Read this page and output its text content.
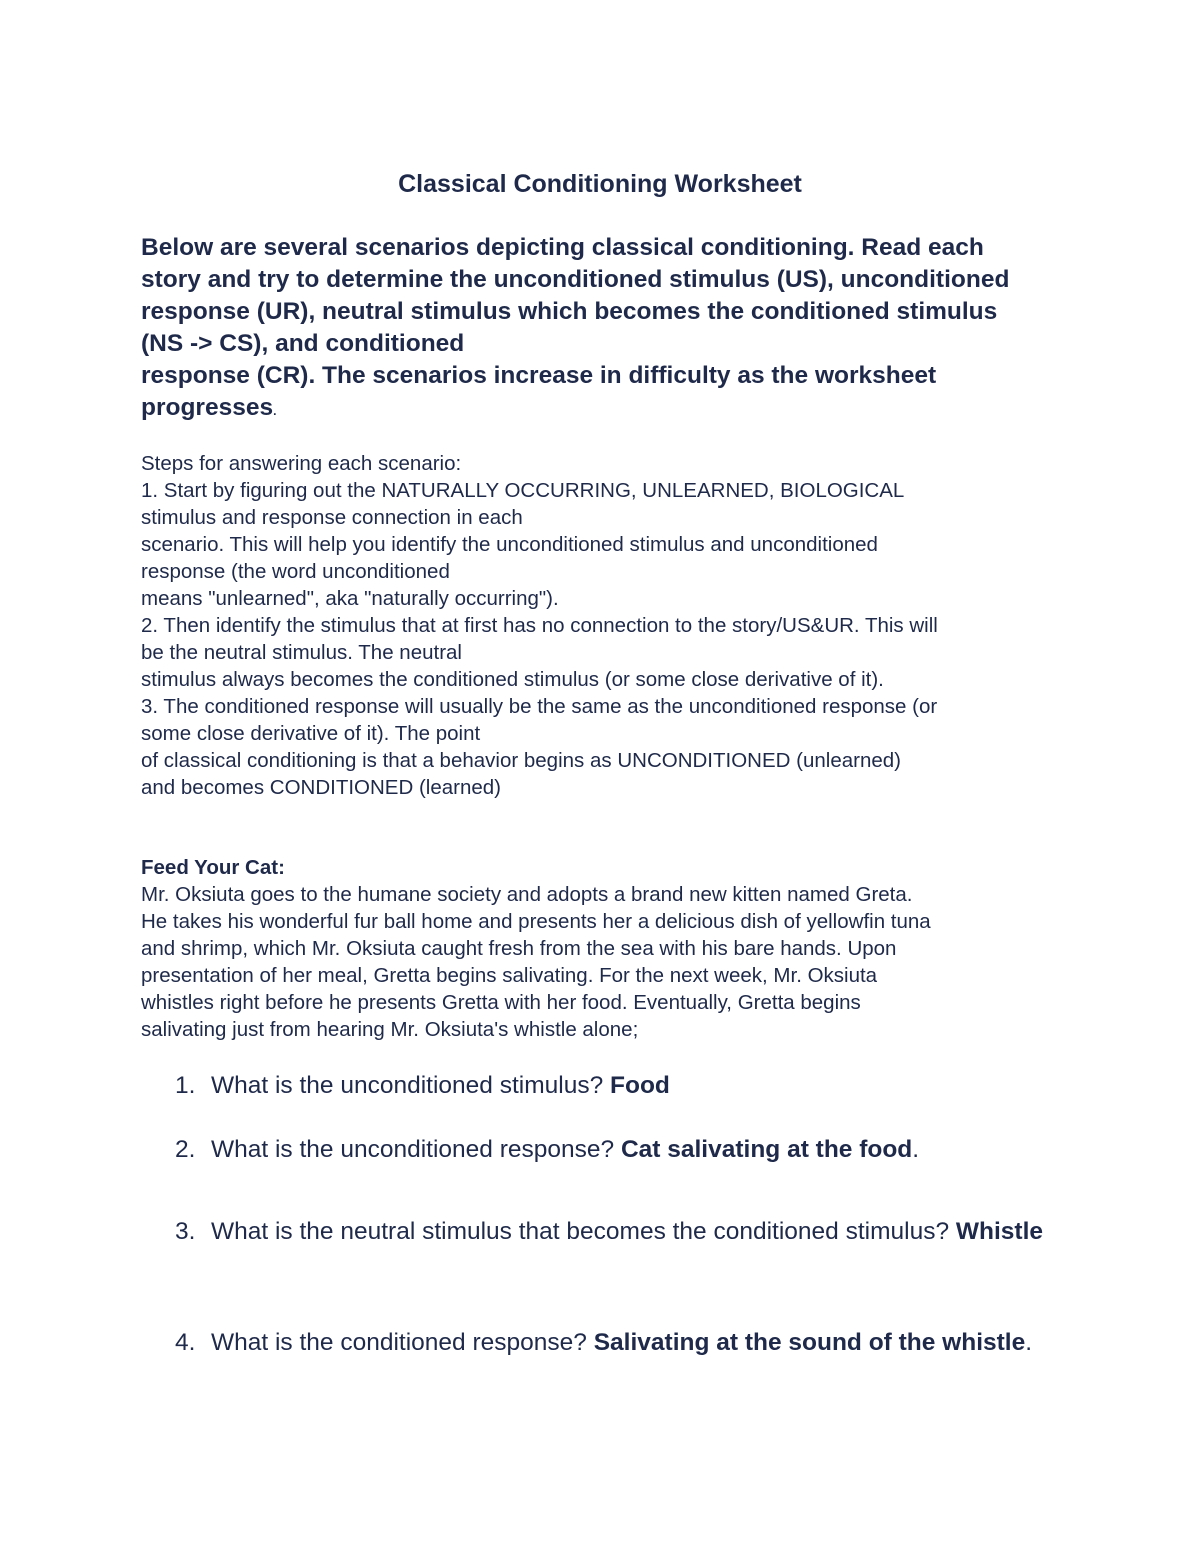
Classical Conditioning Worksheet
Below are several scenarios depicting classical conditioning. Read each
story and try to determine the unconditioned stimulus (US), unconditioned
response (UR), neutral stimulus which becomes the conditioned stimulus
(NS -> CS), and conditioned
response (CR). The scenarios increase in difficulty as the worksheet
progresses.
Steps for answering each scenario:
1. Start by figuring out the NATURALLY OCCURRING, UNLEARNED, BIOLOGICAL
stimulus and response connection in each
scenario. This will help you identify the unconditioned stimulus and unconditioned
response (the word unconditioned
means "unlearned", aka "naturally occurring").
2. Then identify the stimulus that at first has no connection to the story/US&UR. This will
be the neutral stimulus. The neutral
stimulus always becomes the conditioned stimulus (or some close derivative of it).
3. The conditioned response will usually be the same as the unconditioned response (or
some close derivative of it). The point
of classical conditioning is that a behavior begins as UNCONDITIONED (unlearned)
and becomes CONDITIONED (learned)
Feed Your Cat:
Mr. Oksiuta goes to the humane society and adopts a brand new kitten named Greta.
He takes his wonderful fur ball home and presents her a delicious dish of yellowfin tuna
and shrimp, which Mr. Oksiuta caught fresh from the sea with his bare hands. Upon
presentation of her meal, Gretta begins salivating. For the next week, Mr. Oksiuta
whistles right before he presents Gretta with her food. Eventually, Gretta begins
salivating just from hearing Mr. Oksiuta's whistle alone;
1. What is the unconditioned stimulus? Food
2. What is the unconditioned response? Cat salivating at the food.
3. What is the neutral stimulus that becomes the conditioned stimulus? Whistle
4. What is the conditioned response? Salivating at the sound of the whistle.
